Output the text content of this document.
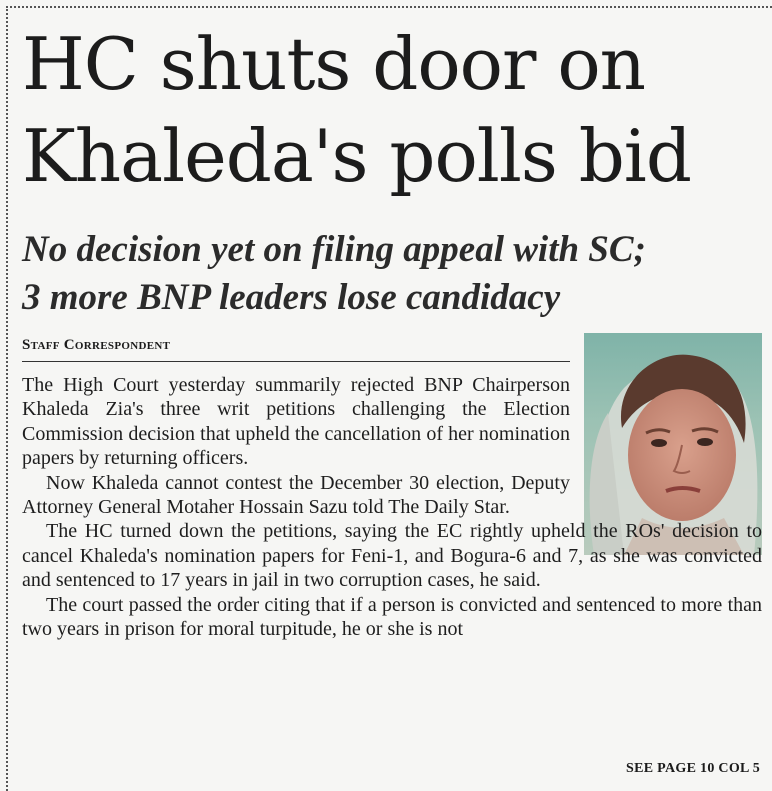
HC shuts door on
Khaleda's polls bid
No decision yet on filing appeal with SC;
3 more BNP leaders lose candidacy
Staff Correspondent

The High Court yesterday summarily rejected BNP Chairperson Khaleda Zia's three writ petitions challenging the Election Commission decision that upheld the cancellation of her nomination papers by returning officers.

Now Khaleda cannot contest the December 30 election, Deputy Attorney General Motaher Hossain Sazu told The Daily Star.

The HC turned down the petitions, saying the EC rightly upheld the ROs' decision to cancel Khaleda's nomination papers for Feni-1, and Bogura-6 and 7, as she was convicted and sentenced to 17 years in jail in two corruption cases, he said.

The court passed the order citing that if a person is convicted and sentenced to more than two years in prison for moral turpitude, he or she is not

SEE PAGE 10 COL 5
